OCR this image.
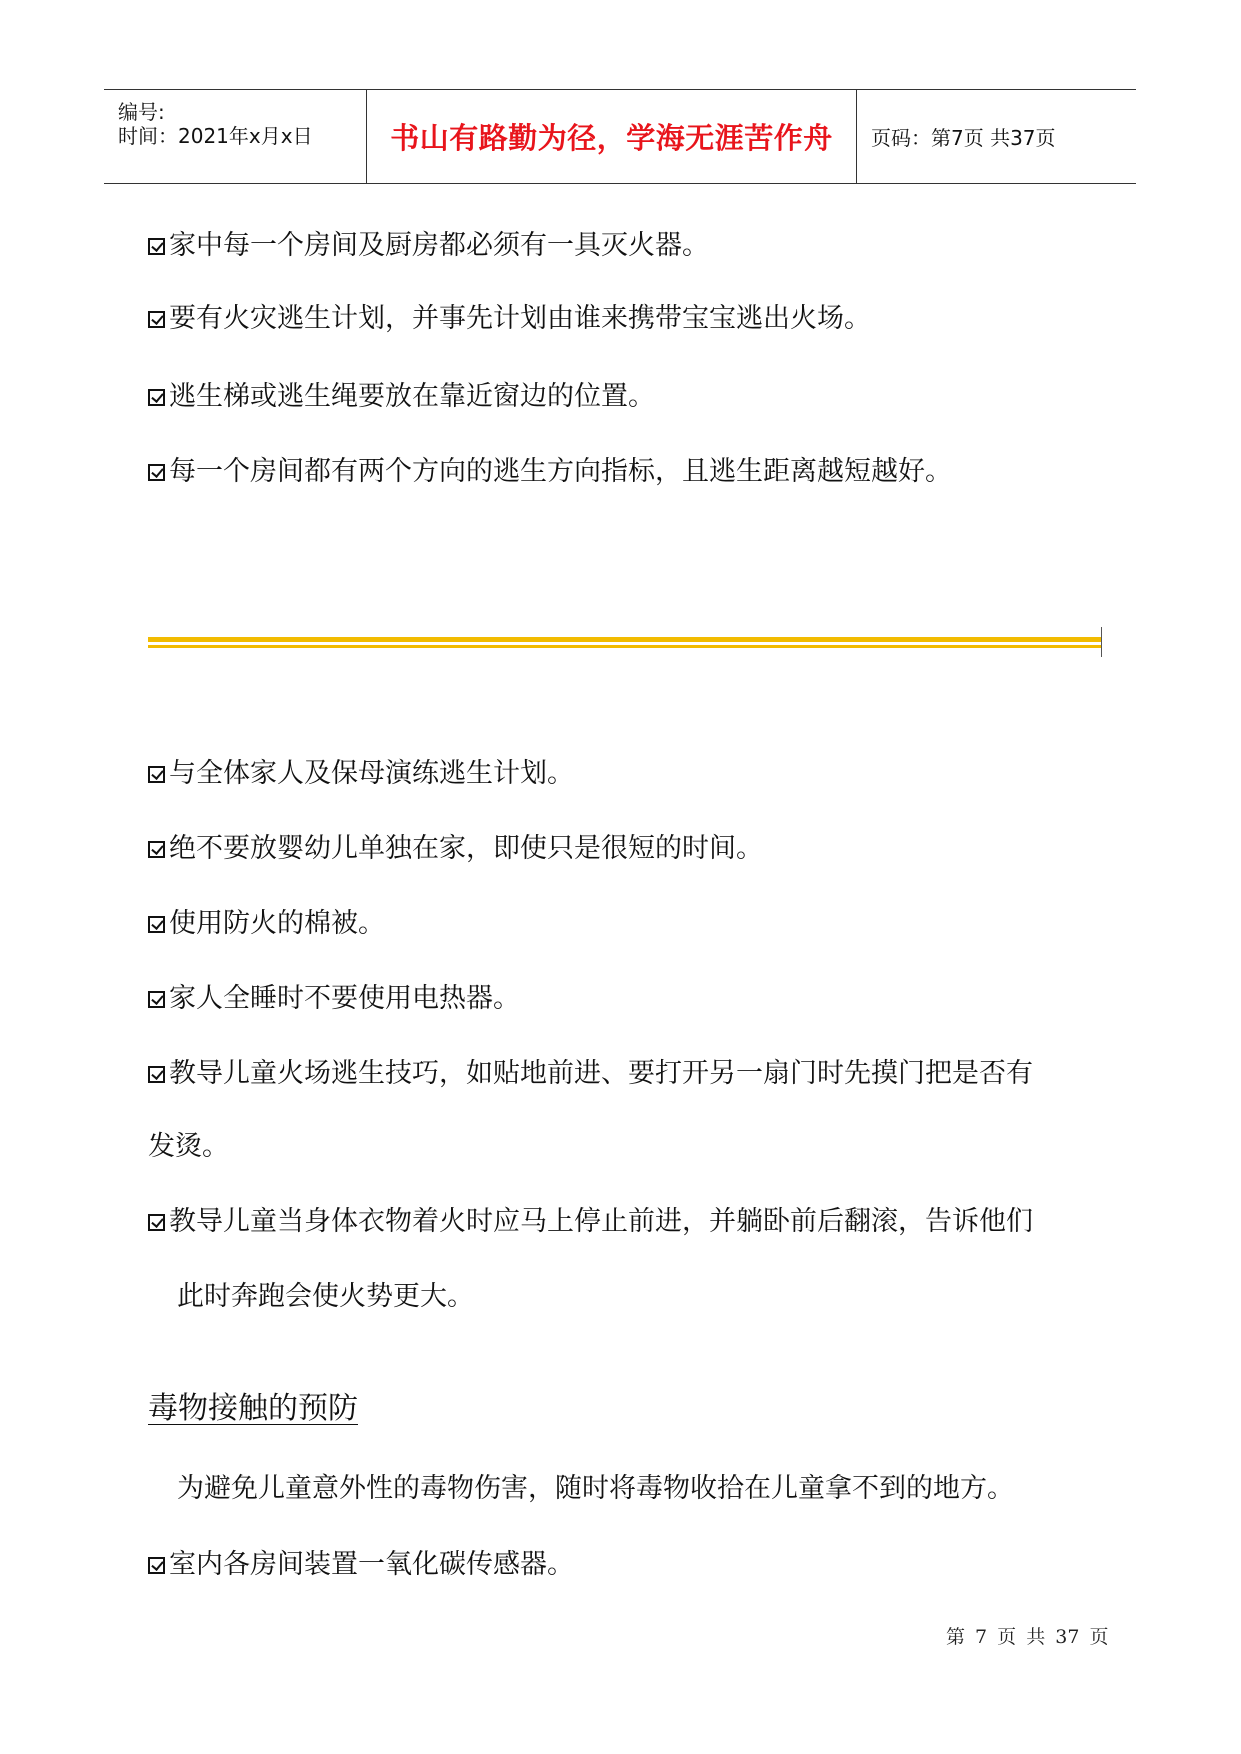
编号:
时间：2021年x月x日	书山有路勤为径，学海无涯苦作舟	页码：第7页 共37页
家中每一个房间及厨房都必须有一具灭火器。
要有火灾逃生计划，并事先计划由谁来携带宝宝逃出火场。
逃生梯或逃生绳要放在靠近窗边的位置。
每一个房间都有两个方向的逃生方向指标，且逃生距离越短越好。
与全体家人及保母演练逃生计划。
绝不要放婴幼儿单独在家，即使只是很短的时间。
使用防火的棉被。
家人全睡时不要使用电热器。
教导儿童火场逃生技巧，如贴地前进、要打开另一扇门时先摸门把是否有
发烫。
教导儿童当身体衣物着火时应马上停止前进，并躺卧前后翻滚，告诉他们
此时奔跑会使火势更大。
毒物接触的预防
为避免儿童意外性的毒物伤害，随时将毒物收拾在儿童拿不到的地方。
室内各房间装置一氧化碳传感器。
第 7 页 共 37 页
